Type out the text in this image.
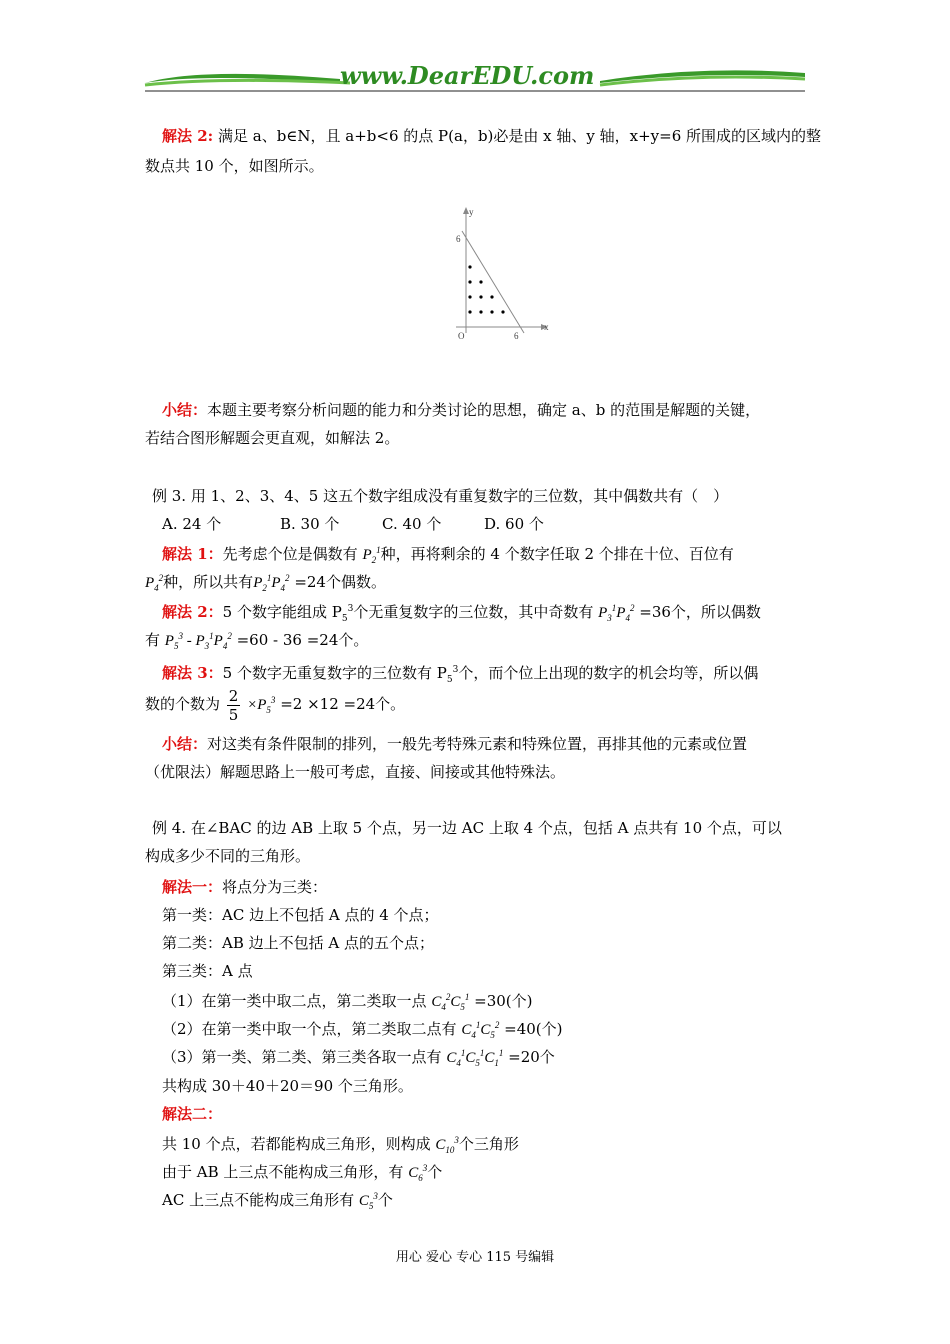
www.DearEDU.com
解法 2: 满足 a、b∈N，且 a+b<6 的点 P(a，b)必是由 x 轴、y 轴，x+y=6 所围成的区域内的整
数点共 10 个，如图所示。
y
x
O
6
6
小结：本题主要考察分析问题的能力和分类讨论的思想，确定 a、b 的范围是解题的关键，
若结合图形解题会更直观，如解法 2。
例 3. 用 1、2、3、4、5 这五个数字组成没有重复数字的三位数，其中偶数共有（　）
A. 24 个	B. 30 个	C. 40 个	D. 60 个
解法 1：先考虑个位是偶数有 $P_2^1$种，再将剩余的 4 个数字任取 2 个排在十位、百位有
$P_4^2$种，所以共有$P_2^1P_4^2 =24$个偶数。
解法 2：5 个数字能组成 $P_5^3$个无重复数字的三位数，其中奇数有 $P_3^1P_4^2 =36$个，所以偶数
有 $P_5^3 - P_3^1P_4^2 =60 - 36 =24$个。
解法 3：5 个数字无重复数字的三位数有 $P_5^3$个，而个位上出现的数字的机会均等，所以偶
数的个数为 $\frac{2}{5} \times P_5^3 =2 \times 12 =24$个。
小结：对这类有条件限制的排列，一般先考特殊元素和特殊位置，再排其他的元素或位置
（优限法）解题思路上一般可考虑，直接、间接或其他特殊法。
例 4. 在∠BAC 的边 AB 上取 5 个点，另一边 AC 上取 4 个点，包括 A 点共有 10 个点，可以
构成多少不同的三角形。
解法一：将点分为三类：
第一类：AC 边上不包括 A 点的 4 个点；
第二类：AB 边上不包括 A 点的五个点；
第三类：A 点
（1）在第一类中取二点，第二类取一点 $C_4^2C_5^1 =30$(个)
（2）在第一类中取一个点，第二类取二点有 $C_4^1C_5^2 =40$(个)
（3）第一类、第二类、第三类各取一点有 $C_4^1C_5^1C_1^1 =20$个
共构成 30＋40＋20＝90 个三角形。
解法二：
共 10 个点，若都能构成三角形，则构成 $C_{10}^3$个三角形
由于 AB 上三点不能构成三角形，有 $C_6^3$个
AC 上三点不能构成三角形有 $C_5^3$个
用心 爱心 专心 115 号编辑
